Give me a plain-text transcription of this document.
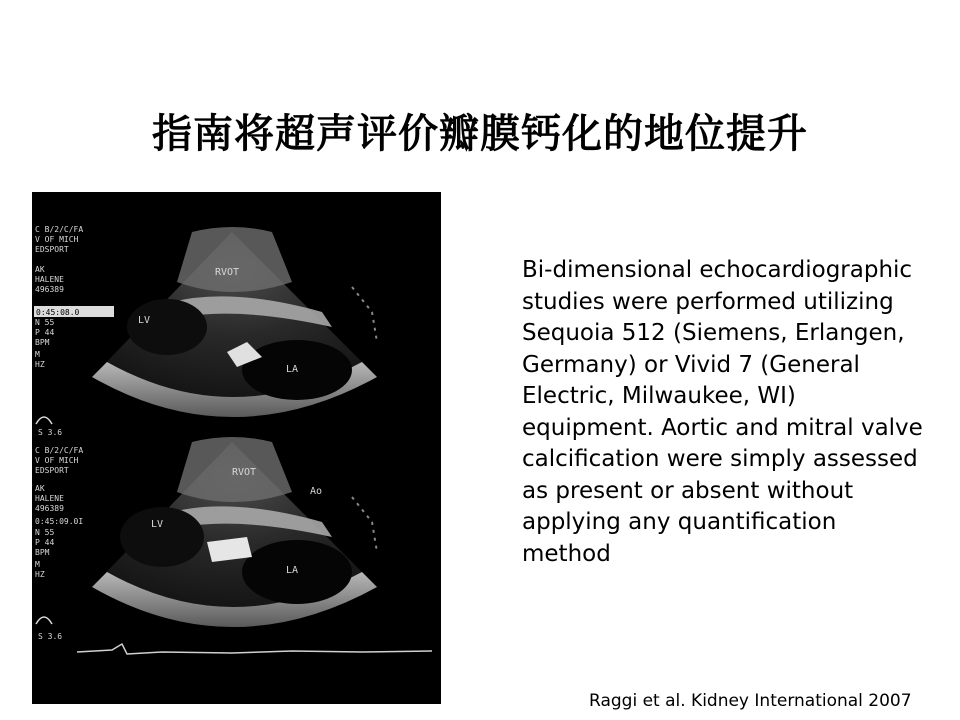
指南将超声评价瓣膜钙化的地位提升
RVOT
LV
LA
C B/2/C/FA
V OF MICH
EDSPORT
AK
HALENE
496389
0:45:08.0
N 55
P 44
BPM
M
HZ
S 3.6
RVOT
LV
LA
Ao
C B/2/C/FA
V OF MICH
EDSPORT
AK
HALENE
496389
0:45:09.0I
N 55
P 44
BPM
M
HZ
S 3.6
Bi-dimensional echocardiographic
studies were performed utilizing
Sequoia 512 (Siemens, Erlangen,
Germany) or Vivid 7 (General
Electric, Milwaukee, WI)
equipment. Aortic and mitral valve
calcification were simply assessed
as present or absent without
applying any quantification
method
Raggi et al. Kidney International 2007
